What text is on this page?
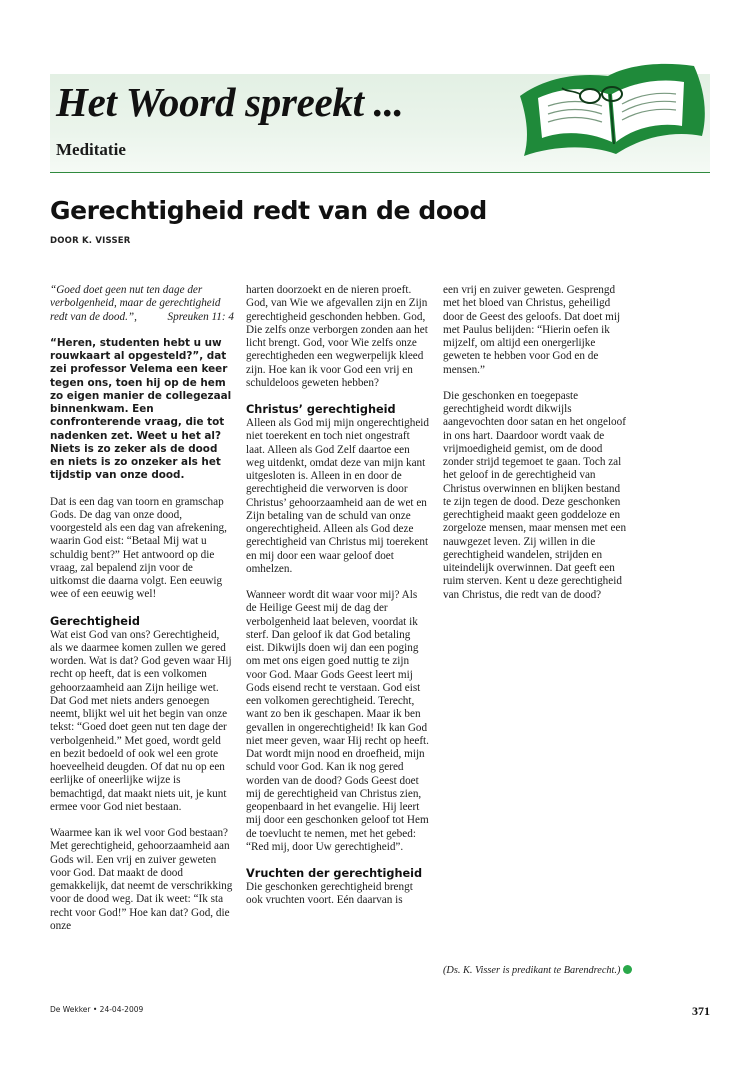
Het Woord spreekt ...
Meditatie
Gerechtigheid redt van de dood
DOOR K. VISSER

“Goed doet geen nut ten dage der verbolgenheid, maar de gerechtigheid redt van de dood.”,	Spreuken 11: 4

“Heren, studenten hebt u uw rouwkaart al opgesteld?”, dat zei professor Velema een keer tegen ons, toen hij op de hem zo eigen manier de collegezaal binnenkwam. Een confronterende vraag, die tot nadenken zet. Weet u het al? Niets is zo zeker als de dood en niets is zo onzeker als het tijdstip van onze dood.

Dat is een dag van toorn en gramschap Gods. De dag van onze dood, voorgesteld als een dag van afrekening, waarin God eist: “Betaal Mij wat u schuldig bent?” Het antwoord op die vraag, zal bepalend zijn voor de uitkomst die daarna volgt. Een eeuwig wee of een eeuwig wel!

Gerechtigheid

Wat eist God van ons? Gerechtigheid, als we daarmee komen zullen we gered worden. Wat is dat? God geven waar Hij recht op heeft, dat is een volkomen gehoorzaamheid aan Zijn heilige wet.

Dat God met niets anders genoegen neemt, blijkt wel uit het begin van onze tekst: “Goed doet geen nut ten dage der verbolgenheid.” Met goed, wordt geld en bezit bedoeld of ook wel een grote hoeveelheid deugden. Of dat nu op een eerlijke of oneerlijke wijze is bemachtigd, dat maakt niets uit, je kunt ermee voor God niet bestaan.

Waarmee kan ik wel voor God bestaan? Met gerechtigheid, gehoorzaamheid aan Gods wil. Een vrij en zuiver geweten voor God. Dat maakt de dood gemakkelijk, dat neemt de verschrikking voor de dood weg. Dat ik weet: “Ik sta recht voor God!” Hoe kan dat? God, die onze

harten doorzoekt en de nieren proeft. God, van Wie we afgevallen zijn en Zijn gerechtigheid geschonden hebben. God, Die zelfs onze verborgen zonden aan het licht brengt. God, voor Wie zelfs onze gerechtigheden een wegwerpelijk kleed zijn. Hoe kan ik voor God een vrij en schuldeloos geweten hebben?

Christus’ gerechtigheid

Alleen als God mij mijn ongerechtigheid niet toerekent en toch niet ongestraft laat. Alleen als God Zelf daartoe een weg uitdenkt, omdat deze van mijn kant uitgesloten is. Alleen in en door de gerechtigheid die verworven is door Christus’ gehoorzaamheid aan de wet en Zijn betaling van de schuld van onze ongerechtigheid. Alleen als God deze gerechtigheid van Christus mij toerekent en mij door een waar geloof doet omhelzen.

Wanneer wordt dit waar voor mij? Als de Heilige Geest mij de dag der verbolgenheid laat beleven, voordat ik sterf. Dan geloof ik dat God betaling eist. Dikwijls doen wij dan een poging om met ons eigen goed nuttig te zijn voor God. Maar Gods Geest leert mij Gods eisend recht te verstaan. God eist een volkomen gerechtigheid. Terecht, want zo ben ik geschapen. Maar ik ben gevallen in ongerechtigheid! Ik kan God niet meer geven, waar Hij recht op heeft. Dat wordt mijn nood en droefheid, mijn schuld voor God. Kan ik nog gered worden van de dood? Gods Geest doet mij de gerechtigheid van Christus zien, geopenbaard in het evangelie. Hij leert mij door een geschonken geloof tot Hem de toevlucht te nemen, met het gebed: “Red mij, door Uw gerechtigheid”.

Vruchten der gerechtigheid

Die geschonken gerechtigheid brengt ook vruchten voort. Eén daarvan is

een vrij en zuiver geweten. Gesprengd met het bloed van Christus, geheiligd door de Geest des geloofs. Dat doet mij met Paulus belijden: “Hierin oefen ik mijzelf, om altijd een onergerlijke geweten te hebben voor God en de mensen.”

Die geschonken en toegepaste gerechtigheid wordt dikwijls aangevochten door satan en het ongeloof in ons hart. Daardoor wordt vaak de vrijmoedigheid gemist, om de dood zonder strijd tegemoet te gaan. Toch zal het geloof in de gerechtigheid van Christus overwinnen en blijken bestand te zijn tegen de dood. Deze geschonken gerechtigheid maakt geen goddeloze en zorgeloze mensen, maar mensen met een nauwgezet leven. Zij willen in die gerechtigheid wandelen, strijden en uiteindelijk overwinnen. Dat geeft een ruim sterven. Kent u deze gerechtigheid van Christus, die redt van de dood?

(Ds. K. Visser is predikant te Barendrecht.)
De Wekker • 24-04-2009	371
